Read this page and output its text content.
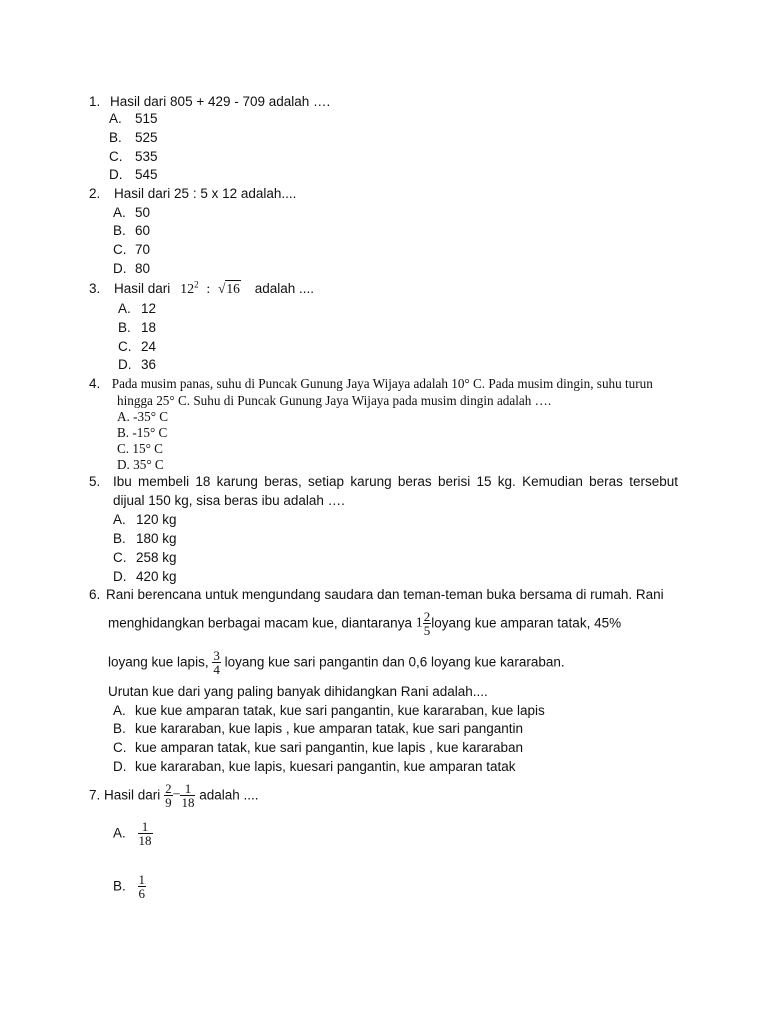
1. Hasil dari 805 + 429 - 709 adalah ….
A. 515
B. 525
C. 535
D. 545
2. Hasil dari 25 : 5 x 12 adalah....
A. 50
B. 60
C. 70
D. 80
3. Hasil dari $12^2$ : √16 adalah ....
A. 12
B. 18
C. 24
D. 36
4. Pada musim panas, suhu di Puncak Gunung Jaya Wijaya adalah 10° C. Pada musim dingin, suhu turun
hingga 25° C. Suhu di Puncak Gunung Jaya Wijaya pada musim dingin adalah ….
A. -35° C
B. -15° C
C. 15° C
D. 35° C
5. Ibu membeli 18 karung beras, setiap karung beras berisi 15 kg. Kemudian beras tersebut
dijual 150 kg, sisa beras ibu adalah ….
A. 120 kg
B. 180 kg
C. 258 kg
D. 420 kg
6. Rani berencana untuk mengundang saudara dan teman-teman buka bersama di rumah. Rani
menghidangkan berbagai macam kue, diantaranya $1 \frac{2}{5}$ loyang kue amparan tatak, 45%
loyang kue lapis, $\frac{3}{4}$ loyang kue sari pangantin dan 0,6 loyang kue kararaban.
Urutan kue dari yang paling banyak dihidangkan Rani adalah....
A. kue kue amparan tatak, kue sari pangantin, kue kararaban, kue lapis
B. kue kararaban, kue lapis , kue amparan tatak, kue sari pangantin
C. kue amparan tatak, kue sari pangantin, kue lapis , kue kararaban
D. kue kararaban, kue lapis, kuesari pangantin, kue amparan tatak
7. Hasil dari $\frac{2}{9} - \frac{1}{18}$ adalah ....
A. $\frac{1}{18}$
B. $\frac{1}{6}$
